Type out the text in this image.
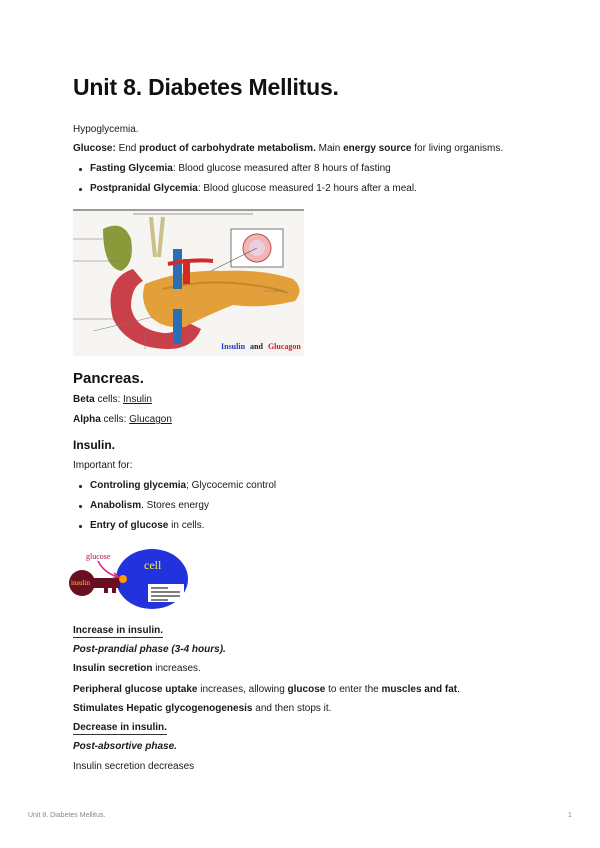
Unit 8. Diabetes Mellitus.

Hypoglycemia.

Glucose: End product of carbohydrate metabolism. Main energy source for living organisms.

Fasting Glycemia: Blood glucose measured after 8 hours of fasting
Postpranidal Glycemia: Blood glucose measured 1-2 hours after a meal.
Insulin and Glucagon
Pancreas.

Beta cells: Insulin

Alpha cells: Glucagon

Insulin.

Important for:

Controling glycemia; Glycocemic control
Anabolism. Stores energy
Entry of glucose in cells.
cell
insulin
glucose

Increase in insulin.

Post-prandial phase (3-4 hours).

Insulin secretion increases.

Peripheral glucose uptake increases, allowing glucose to enter the muscles and fat.

Stimulates Hepatic glycogenogenesis and then stops it.

Decrease in insulin.

Post-absortive phase.

Insulin secretion decreases

Unit 8. Diabetes Mellitus.	1
